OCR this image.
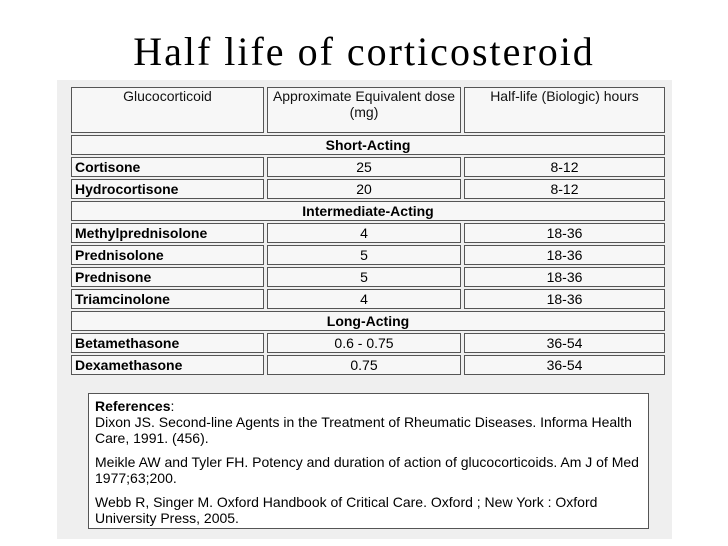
Half life of corticosteroid
Glucocorticoid	Approximate Equivalent dose (mg)	Half-life (Biologic) hours
Short-Acting		
Cortisone	25	8-12
Hydrocortisone	20	8-12
Intermediate-Acting		
Methylprednisolone	4	18-36
Prednisolone	5	18-36
Prednisone	5	18-36
Triamcinolone	4	18-36
Long-Acting		
Betamethasone	0.6 - 0.75	36-54
Dexamethasone	0.75	36-54

References:
Dixon JS. Second-line Agents in the Treatment of Rheumatic Diseases. Informa Health Care, 1991. (456).

Meikle AW and Tyler FH. Potency and duration of action of glucocorticoids. Am J of Med 1977;63;200.

Webb R, Singer M. Oxford Handbook of Critical Care. Oxford ; New York : Oxford University Press, 2005.
